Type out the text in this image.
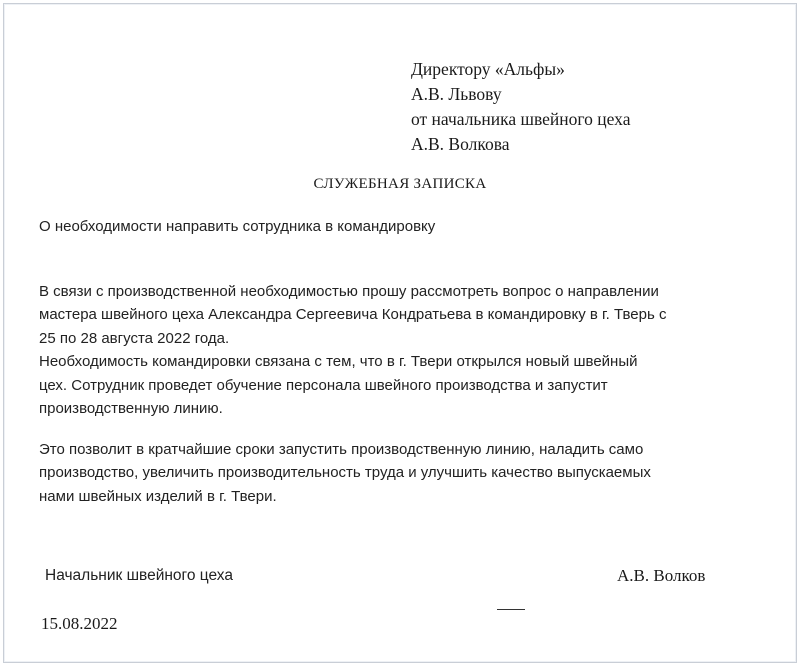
Директору «Альфы»
А.В. Львову
от начальника швейного цеха
А.В. Волкова
СЛУЖЕБНАЯ ЗАПИСКА
О необходимости направить сотрудника в командировку
В связи с производственной необходимостью прошу рассмотреть вопрос о направлении
мастера швейного цеха Александра Сергеевича Кондратьева в командировку в г. Тверь с
25 по 28 августа 2022 года.
Необходимость командировки связана с тем, что в г. Твери открылся новый швейный
цех. Сотрудник проведет обучение персонала швейного производства и запустит
производственную линию.
Это позволит в кратчайшие сроки запустить производственную линию, наладить само
производство, увеличить производительность труда и улучшить качество выпускаемых
нами швейных изделий в г. Твери.
Начальник швейного цеха	А.В. Волков
15.08.2022
